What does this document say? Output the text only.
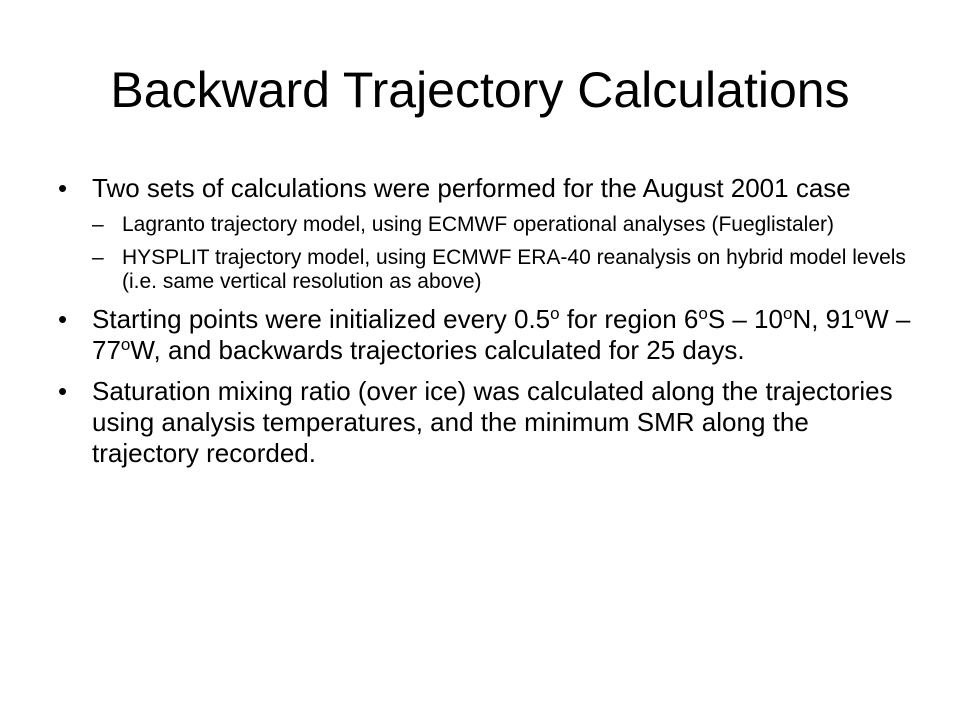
Backward Trajectory Calculations
• Two sets of calculations were performed for the August 2001 case
– Lagranto trajectory model, using ECMWF operational analyses (Fueglistaler)
– HYSPLIT trajectory model, using ECMWF ERA-40 reanalysis on hybrid model levels (i.e. same vertical resolution as above)
• Starting points were initialized every 0.5$^o$ for region 6$^o$S – 10$^o$N, 91$^o$W – 77$^o$W, and backwards trajectories calculated for 25 days.
• Saturation mixing ratio (over ice) was calculated along the trajectories using analysis temperatures, and the minimum SMR along the trajectory recorded.
